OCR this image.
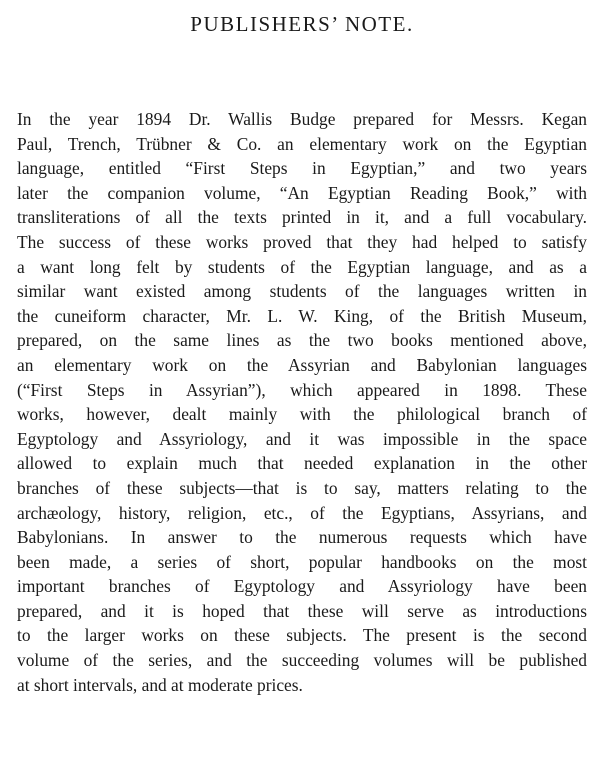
PUBLISHERS’ NOTE.
In the year 1894 Dr. Wallis Budge prepared for Messrs. Kegan
Paul, Trench, Trübner & Co. an elementary work on the Egyptian
language, entitled “First Steps in Egyptian,” and two years
later the companion volume, “An Egyptian Reading Book,” with
transliterations of all the texts printed in it, and a full vocabulary.
The success of these works proved that they had helped to satisfy
a want long felt by students of the Egyptian language, and as a
similar want existed among students of the languages written in
the cuneiform character, Mr. L. W. King, of the British Museum,
prepared, on the same lines as the two books mentioned above,
an elementary work on the Assyrian and Babylonian languages
(“First Steps in Assyrian”), which appeared in 1898. These
works, however, dealt mainly with the philological branch of
Egyptology and Assyriology, and it was impossible in the space
allowed to explain much that needed explanation in the other
branches of these subjects—that is to say, matters relating to the
archæology, history, religion, etc., of the Egyptians, Assyrians, and
Babylonians. In answer to the numerous requests which have
been made, a series of short, popular handbooks on the most
important branches of Egyptology and Assyriology have been
prepared, and it is hoped that these will serve as introductions
to the larger works on these subjects. The present is the second
volume of the series, and the succeeding volumes will be published
at short intervals, and at moderate prices.
